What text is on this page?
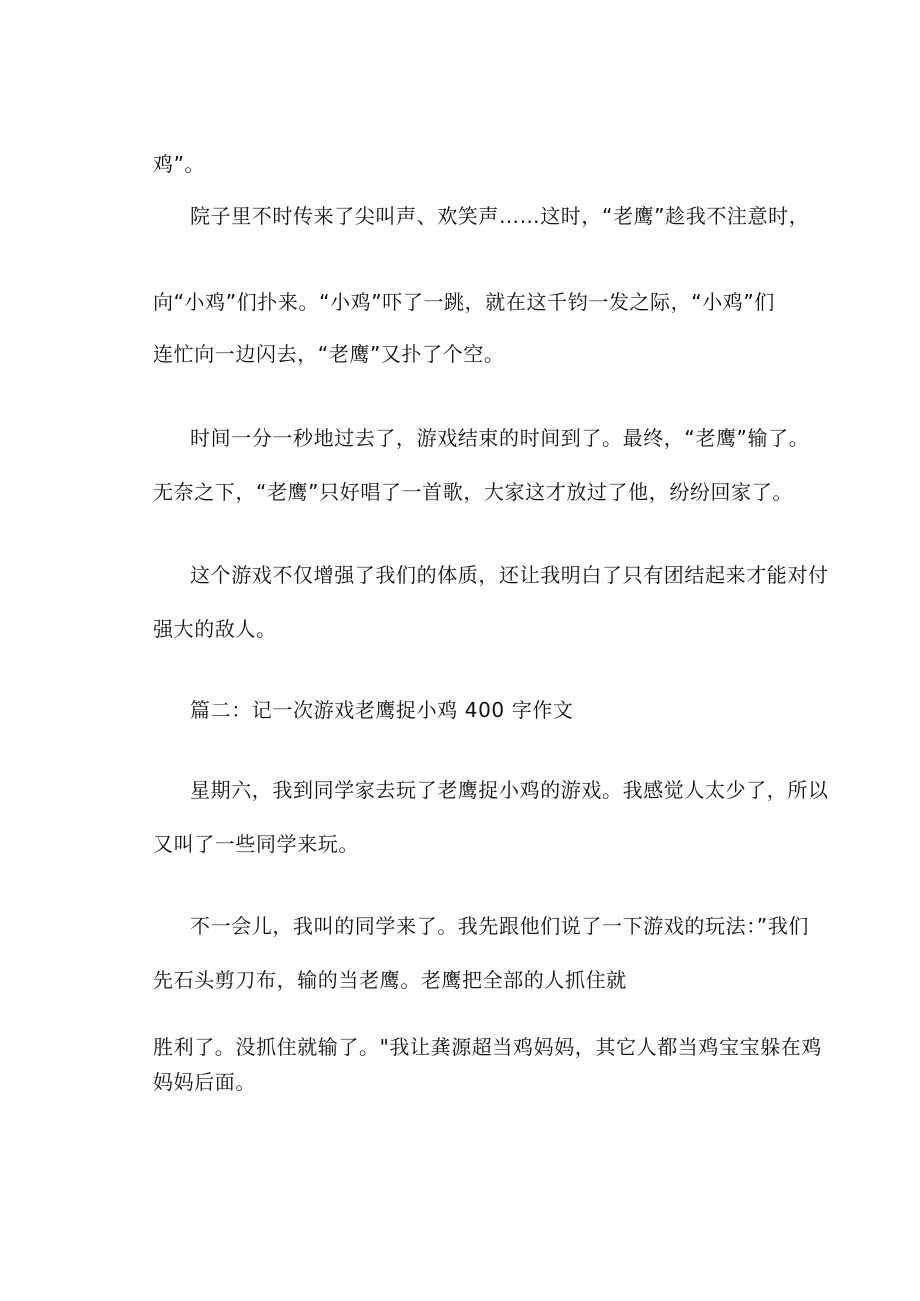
鸡”。
院子里不时传来了尖叫声、欢笑声……这时，“老鹰”趁我不注意时，
向“小鸡”们扑来。“小鸡”吓了一跳，就在这千钧一发之际，“小鸡”们
连忙向一边闪去，“老鹰”又扑了个空。
时间一分一秒地过去了，游戏结束的时间到了。最终，“老鹰”输了。
无奈之下，“老鹰”只好唱了一首歌，大家这才放过了他，纷纷回家了。
这个游戏不仅增强了我们的体质，还让我明白了只有团结起来才能对付
强大的敌人。
篇二：记一次游戏老鹰捉小鸡 400 字作文
星期六，我到同学家去玩了老鹰捉小鸡的游戏。我感觉人太少了，所以
又叫了一些同学来玩。
不一会儿，我叫的同学来了。我先跟他们说了一下游戏的玩法：”我们
先石头剪刀布，输的当老鹰。老鹰把全部的人抓住就
胜利了。没抓住就输了。"我让龚源超当鸡妈妈，其它人都当鸡宝宝躲在鸡
妈妈后面。
